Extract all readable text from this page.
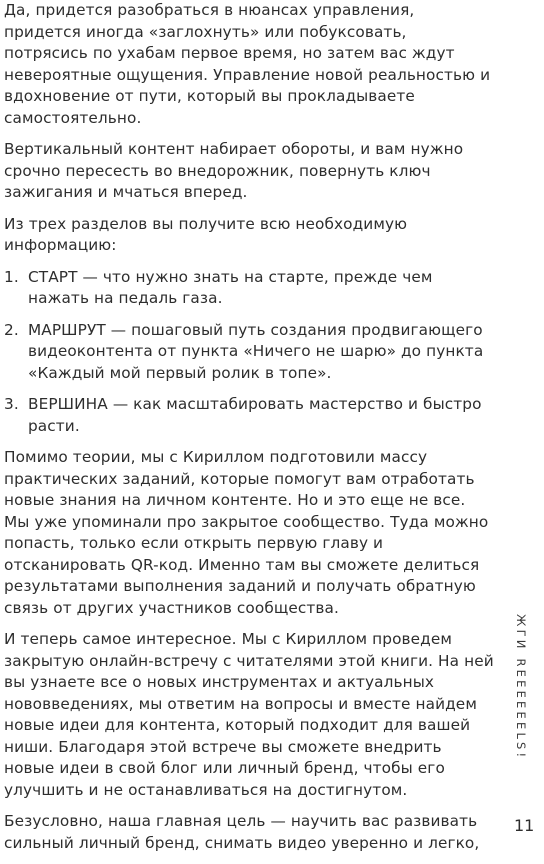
Да, придется разобраться в нюансах управления, придется иногда «заглохнуть» или побуксовать, потрясись по ухабам первое время, но затем вас ждут невероятные ощущения. Управление новой реальностью и вдохновение от пути, который вы прокладываете самостоятельно.

Вертикальный контент набирает обороты, и вам нужно срочно пересесть во внедорожник, повернуть ключ зажигания и мчаться вперед.

Из трех разделов вы получите всю необходимую информацию:

1. СТАРТ — что нужно знать на старте, прежде чем нажать на педаль газа.
2. МАРШРУТ — пошаговый путь создания продвигающего видеоконтента от пункта «Ничего не шарю» до пункта «Каждый мой первый ролик в топе».
3. ВЕРШИНА — как масштабировать мастерство и быстро расти.

Помимо теории, мы с Кириллом подготовили массу практических заданий, которые помогут вам отработать новые знания на личном контенте. Но и это еще не все. Мы уже упоминали про закрытое сообщество. Туда можно попасть, только если открыть первую главу и отсканировать QR-код. Именно там вы сможете делиться результатами выполнения заданий и получать обратную связь от других участников сообщества.

И теперь самое интересное. Мы с Кириллом проведем закрытую онлайн-встречу с читателями этой книги. На ней вы узнаете все о новых инструментах и актуальных нововведениях, мы ответим на вопросы и вместе найдем новые идеи для контента, который подходит для вашей ниши. Благодаря этой встрече вы сможете внедрить новые идеи в свой блог или личный бренд, чтобы его улучшить и не останавливаться на достигнутом.

Безусловно, наша главная цель — научить вас развивать сильный личный бренд, снимать видео уверенно и легко,

ЖГИ REEEEEELS!
11
